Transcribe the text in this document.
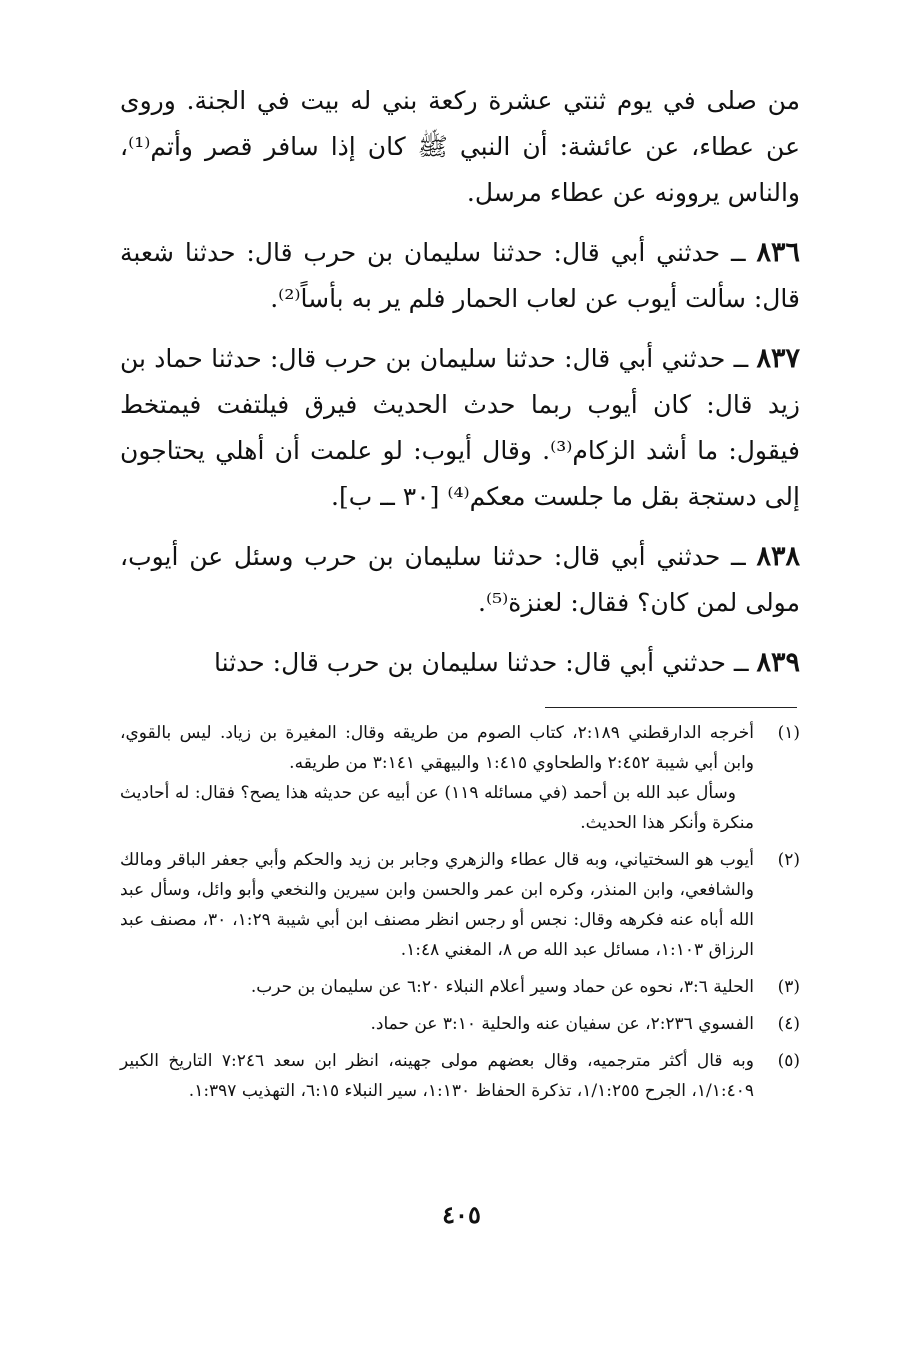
من صلى في يوم ثنتي عشرة ركعة بني له بيت في الجنة. وروى عن عطاء، عن عائشة: أن النبي ﷺ كان إذا سافر قصر وأتم⁽¹⁾، والناس يروونه عن عطاء مرسل.

٨٣٦ ــ حدثني أبي قال: حدثنا سليمان بن حرب قال: حدثنا شعبة قال: سألت أيوب عن لعاب الحمار فلم ير به بأساً⁽²⁾.

٨٣٧ ــ حدثني أبي قال: حدثنا سليمان بن حرب قال: حدثنا حماد بن زيد قال: كان أيوب ربما حدث الحديث فيرق فيلتفت فيمتخط فيقول: ما أشد الزكام⁽³⁾. وقال أيوب: لو علمت أن أهلي يحتاجون إلى دستجة بقل ما جلست معكم⁽⁴⁾ [٣٠ ــ ب].

٨٣٨ ــ حدثني أبي قال: حدثنا سليمان بن حرب وسئل عن أيوب، مولى لمن كان؟ فقال: لعنزة⁽⁵⁾.

٨٣٩ ــ حدثني أبي قال: حدثنا سليمان بن حرب قال: حدثنا

(١)

أخرجه الدارقطني ٢:١٨٩، كتاب الصوم من طريقه وقال: المغيرة بن زياد. ليس بالقوي، وابن أبي شيبة ٢:٤٥٢ والطحاوي ١:٤١٥ والبيهقي ٣:١٤١ من طريقه.

وسأل عبد الله بن أحمد (في مسائله ١١٩) عن أبيه عن حديثه هذا يصح؟ فقال: له أحاديث منكرة وأنكر هذا الحديث.

(٢)

أيوب هو السختياني، وبه قال عطاء والزهري وجابر بن زيد والحكم وأبي جعفر الباقر ومالك والشافعي، وابن المنذر، وكره ابن عمر والحسن وابن سيرين والنخعي وأبو وائل، وسأل عبد الله أباه عنه فكرهه وقال: نجس أو رجس انظر مصنف ابن أبي شيبة ١:٢٩، ٣٠، مصنف عبد الرزاق ١:١٠٣، مسائل عبد الله ص ٨، المغني ١:٤٨.

(٣)

الحلية ٣:٦، نحوه عن حماد وسير أعلام النبلاء ٦:٢٠ عن سليمان بن حرب.

(٤)

الفسوي ٢:٢٣٦، عن سفيان عنه والحلية ٣:١٠ عن حماد.

(٥)

وبه قال أكثر مترجميه، وقال بعضهم مولى جهينه، انظر ابن سعد ٧:٢٤٦ التاريخ الكبير ١/١:٤٠٩، الجرح ١/١:٢٥٥، تذكرة الحفاظ ١:١٣٠، سير النبلاء ٦:١٥، التهذيب ١:٣٩٧.

٤٠٥
